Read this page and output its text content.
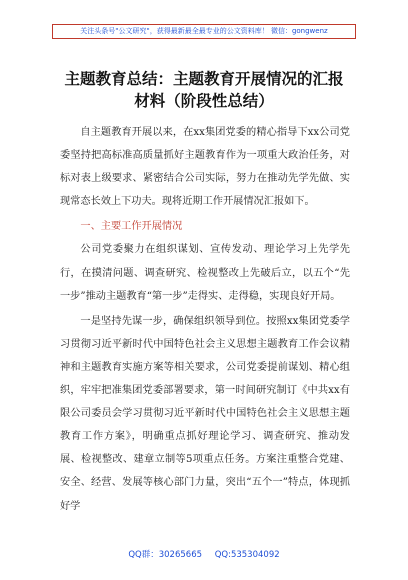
关注头条号"公文研究"，获得最新最全最专业的公文资料库！ 微信：gongwenz
主题教育总结：主题教育开展情况的汇报
材料（阶段性总结）

自主题教育开展以来，在xx集团党委的精心指导下xx公司党委坚持把高标准高质量抓好主题教育作为一项重大政治任务，对标对表上级要求、紧密结合公司实际，努力在推动先学先做、实现常态长效上下功夫。现将近期工作开展情况汇报如下。

一、主要工作开展情况

公司党委聚力在组织谋划、宣传发动、理论学习上先学先行，在摸清问题、调查研究、检视整改上先破后立，以五个“先一步”推动主题教育“第一步”走得实、走得稳，实现良好开局。

一是坚持先谋一步，确保组织领导到位。按照xx集团党委学习贯彻习近平新时代中国特色社会主义思想主题教育工作会议精神和主题教育实施方案等相关要求，公司党委提前谋划、精心组织，牢牢把准集团党委部署要求，第一时间研究制订《中共xx有限公司委员会学习贯彻习近平新时代中国特色社会主义思想主题教育工作方案》，明确重点抓好理论学习、调查研究、推动发展、检视整改、建章立制等5项重点任务。方案注重整合党建、安全、经营、发展等核心部门力量，突出“五个一”特点，体现抓好学

QQ群：30265665 QQ:535304092
